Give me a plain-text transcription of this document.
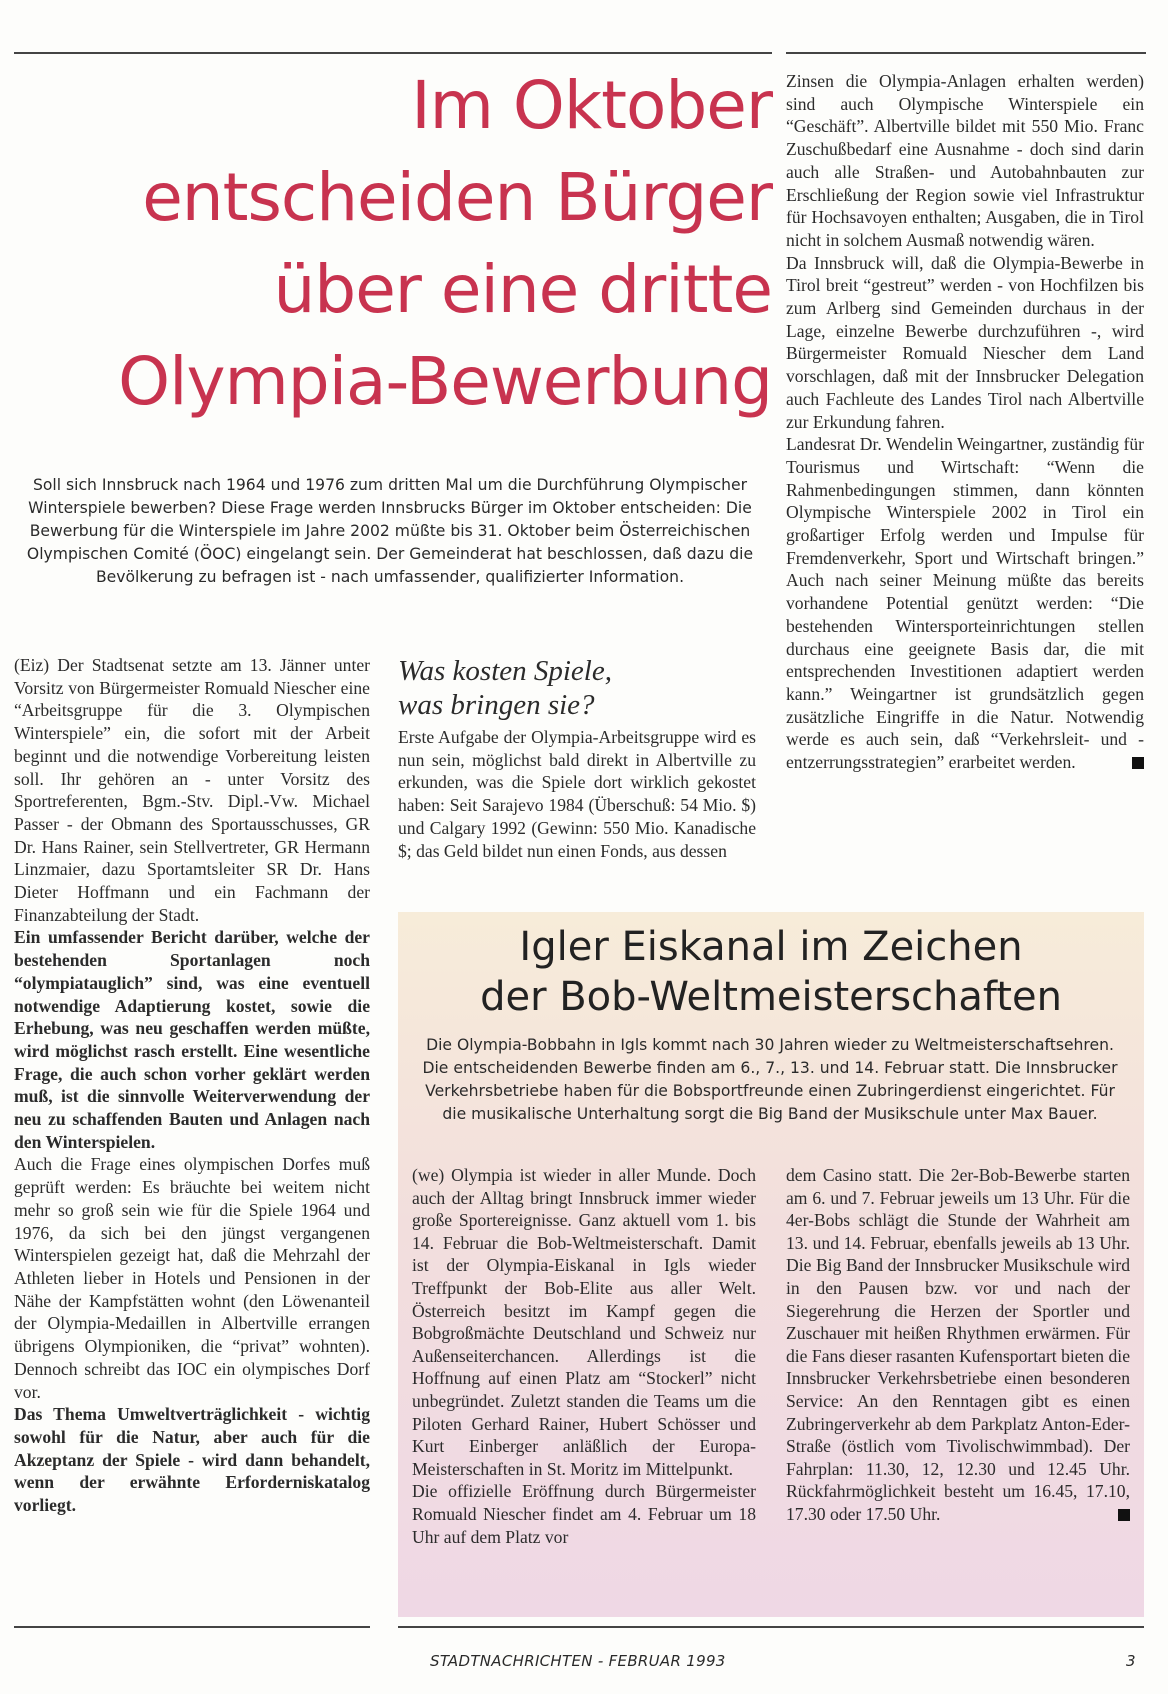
Im Oktober
entscheiden Bürger
über eine dritte
Olympia-Bewerbung

Soll sich Innsbruck nach 1964 und 1976 zum dritten Mal um die Durchführung Olympischer Winterspiele bewerben? Diese Frage werden Innsbrucks Bürger im Oktober entscheiden: Die Bewerbung für die Winterspiele im Jahre 2002 müßte bis 31. Oktober beim Österreichischen Olympischen Comité (ÖOC) eingelangt sein. Der Gemeinderat hat beschlossen, daß dazu die Bevölkerung zu befragen ist - nach umfassender, qualifizierter Information.

(Eiz) Der Stadtsenat setzte am 13. Jänner unter Vorsitz von Bürgermeister Romuald Niescher eine “Arbeitsgruppe für die 3. Olympischen Winterspiele” ein, die sofort mit der Arbeit beginnt und die notwendige Vorbereitung leisten soll. Ihr gehören an - unter Vorsitz des Sportreferenten, Bgm.-Stv. Dipl.-Vw. Michael Passer - der Obmann des Sportausschusses, GR Dr. Hans Rainer, sein Stellvertreter, GR Hermann Linzmaier, dazu Sportamtsleiter SR Dr. Hans Dieter Hoffmann und ein Fachmann der Finanzabteilung der Stadt.

Ein umfassender Bericht darüber, welche der bestehenden Sportanlagen noch “olympiatauglich” sind, was eine eventuell notwendige Adaptierung kostet, sowie die Erhebung, was neu geschaffen werden müßte, wird möglichst rasch erstellt. Eine wesentliche Frage, die auch schon vorher geklärt werden muß, ist die sinnvolle Weiterverwendung der neu zu schaffenden Bauten und Anlagen nach den Winterspielen.

Auch die Frage eines olympischen Dorfes muß geprüft werden: Es bräuchte bei weitem nicht mehr so groß sein wie für die Spiele 1964 und 1976, da sich bei den jüngst vergangenen Winterspielen gezeigt hat, daß die Mehrzahl der Athleten lieber in Hotels und Pensionen in der Nähe der Kampfstätten wohnt (den Löwenanteil der Olympia-Medaillen in Albertville errangen übrigens Olympioniken, die “privat” wohnten). Dennoch schreibt das IOC ein olympisches Dorf vor.

Das Thema Umweltverträglichkeit - wichtig sowohl für die Natur, aber auch für die Akzeptanz der Spiele - wird dann behandelt, wenn der erwähnte Erforderniskatalog vorliegt.

Was kosten Spiele,
was bringen sie?

Erste Aufgabe der Olympia-Arbeitsgruppe wird es nun sein, möglichst bald direkt in Albertville zu erkunden, was die Spiele dort wirklich gekostet haben: Seit Sarajevo 1984 (Überschuß: 54 Mio. $) und Calgary 1992 (Gewinn: 550 Mio. Kanadische $; das Geld bildet nun einen Fonds, aus dessen

Zinsen die Olympia-Anlagen erhalten werden) sind auch Olympische Winterspiele ein “Geschäft”. Albertville bildet mit 550 Mio. Franc Zuschußbedarf eine Ausnahme - doch sind darin auch alle Straßen- und Autobahnbauten zur Erschließung der Region sowie viel Infrastruktur für Hochsavoyen enthalten; Ausgaben, die in Tirol nicht in solchem Ausmaß notwendig wären.

Da Innsbruck will, daß die Olympia-Bewerbe in Tirol breit “gestreut” werden - von Hochfilzen bis zum Arlberg sind Gemeinden durchaus in der Lage, einzelne Bewerbe durchzuführen -, wird Bürgermeister Romuald Niescher dem Land vorschlagen, daß mit der Innsbrucker Delegation auch Fachleute des Landes Tirol nach Albertville zur Erkundung fahren.

Landesrat Dr. Wendelin Weingartner, zuständig für Tourismus und Wirtschaft: “Wenn die Rahmenbedingungen stimmen, dann könnten Olympische Winterspiele 2002 in Tirol ein großartiger Erfolg werden und Impulse für Fremdenverkehr, Sport und Wirtschaft bringen.” Auch nach seiner Meinung müßte das bereits vorhandene Potential genützt werden: “Die bestehenden Wintersporteinrichtungen stellen durchaus eine geeignete Basis dar, die mit entsprechenden Investitionen adaptiert werden kann.” Weingartner ist grundsätzlich gegen zusätzliche Eingriffe in die Natur. Notwendig werde es auch sein, daß “Verkehrsleit- und -entzerrungsstrategien” erarbeitet werden.

Igler Eiskanal im Zeichen
der Bob-Weltmeisterschaften

Die Olympia-Bobbahn in Igls kommt nach 30 Jahren wieder zu Weltmeisterschaftsehren. Die entscheidenden Bewerbe finden am 6., 7., 13. und 14. Februar statt. Die Innsbrucker Verkehrsbetriebe haben für die Bobsportfreunde einen Zubringerdienst eingerichtet. Für die musikalische Unterhaltung sorgt die Big Band der Musikschule unter Max Bauer.

(we) Olympia ist wieder in aller Munde. Doch auch der Alltag bringt Innsbruck immer wieder große Sportereignisse. Ganz aktuell vom 1. bis 14. Februar die Bob-Weltmeisterschaft. Damit ist der Olympia-Eiskanal in Igls wieder Treffpunkt der Bob-Elite aus aller Welt. Österreich besitzt im Kampf gegen die Bobgroßmächte Deutschland und Schweiz nur Außenseiterchancen. Allerdings ist die Hoffnung auf einen Platz am “Stockerl” nicht unbegründet. Zuletzt standen die Teams um die Piloten Gerhard Rainer, Hubert Schösser und Kurt Einberger anläßlich der Europa-Meisterschaften in St. Moritz im Mittelpunkt.

Die offizielle Eröffnung durch Bürgermeister Romuald Niescher findet am 4. Februar um 18 Uhr auf dem Platz vor

dem Casino statt. Die 2er-Bob-Bewerbe starten am 6. und 7. Februar jeweils um 13 Uhr. Für die 4er-Bobs schlägt die Stunde der Wahrheit am 13. und 14. Februar, ebenfalls jeweils ab 13 Uhr. Die Big Band der Innsbrucker Musikschule wird in den Pausen bzw. vor und nach der Siegerehrung die Herzen der Sportler und Zuschauer mit heißen Rhythmen erwärmen. Für die Fans dieser rasanten Kufensportart bieten die Innsbrucker Verkehrsbetriebe einen besonderen Service: An den Renntagen gibt es einen Zubringerverkehr ab dem Parkplatz Anton-Eder-Straße (östlich vom Tivolischwimmbad). Der Fahrplan: 11.30, 12, 12.30 und 12.45 Uhr. Rückfahrmöglichkeit besteht um 16.45, 17.10, 17.30 oder 17.50 Uhr.

STADTNACHRICHTEN - FEBRUAR 1993	3
